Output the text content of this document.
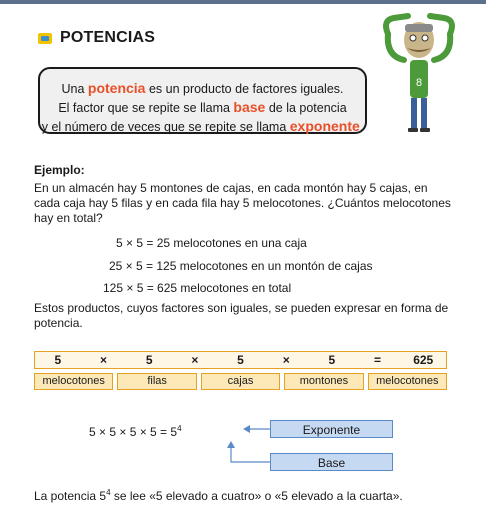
POTENCIAS
Una potencia es un producto de factores iguales.
El factor que se repite se llama base de la potencia
y el número de veces que se repite se llama exponente.
8
Ejemplo:
En un almacén hay 5 montones de cajas, en cada montón hay 5 cajas, en cada caja hay 5 filas y en cada fila hay 5 melocotones. ¿Cuántos melocotones hay en total?
5 × 5 = 25 melocotones en una caja
25 × 5 = 125 melocotones en un montón de cajas
125 × 5 = 625 melocotones en total
Estos productos, cuyos factores son iguales, se pueden expresar en forma de potencia.
5	×	5	×	5	×	5	=	625
melocotones	filas	cajas	montones	melocotones
$5 \times 5 \times 5 \times 5 = 5^4$	Exponente
Base
La potencia $5^4$ se lee «5 elevado a cuatro» o «5 elevado a la cuarta».
